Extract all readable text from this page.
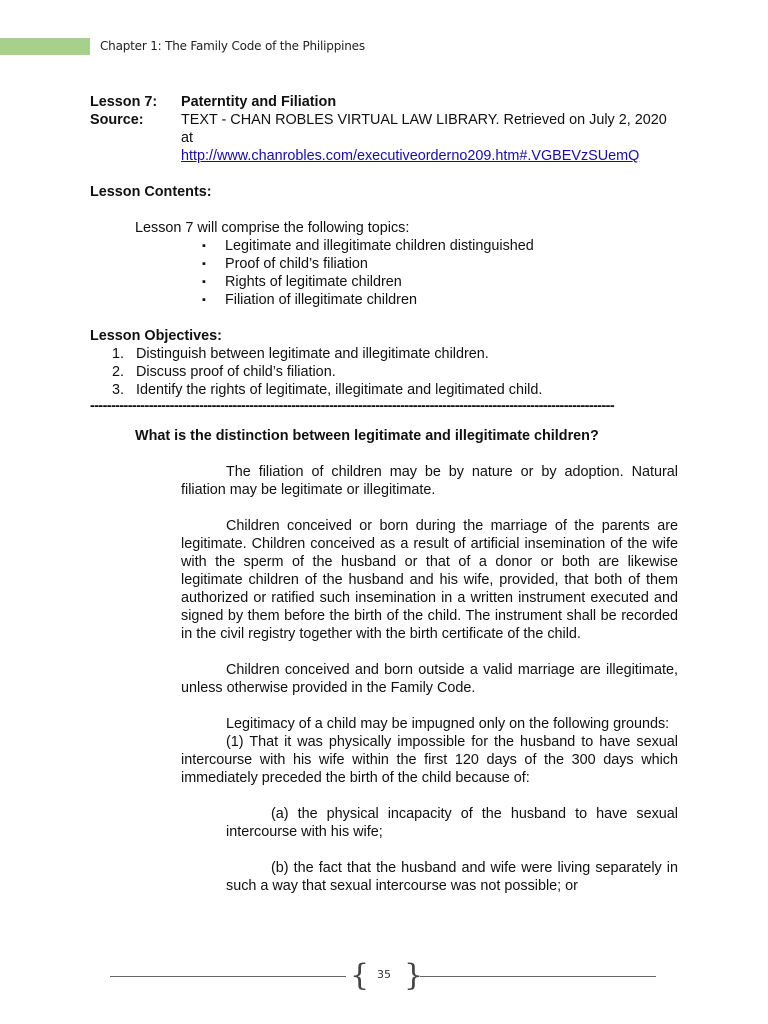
Chapter 1: The Family Code of the Philippines
Lesson 7:	Paterntity and Filiation
Source:	TEXT - CHAN ROBLES VIRTUAL LAW LIBRARY. Retrieved on July 2, 2020 at
http://www.chanrobles.com/executiveorderno209.htm#.VGBEVzSUemQ
Lesson Contents:
Lesson 7 will comprise the following topics:
▪ Legitimate and illegitimate children distinguished
▪ Proof of child’s filiation
▪ Rights of legitimate children
▪ Filiation of illegitimate children
Lesson Objectives:
1. Distinguish between legitimate and illegitimate children.
2. Discuss proof of child’s filiation.
3. Identify the rights of legitimate, illegitimate and legitimated child.
-----------------------------------------------------------------------------------------------------------------------------
What is the distinction between legitimate and illegitimate children?

The filiation of children may be by nature or by adoption. Natural filiation may be legitimate or illegitimate.

Children conceived or born during the marriage of the parents are legitimate. Children conceived as a result of artificial insemination of the wife with the sperm of the husband or that of a donor or both are likewise legitimate children of the husband and his wife, provided, that both of them authorized or ratified such insemination in a written instrument executed and signed by them before the birth of the child. The instrument shall be recorded in the civil registry together with the birth certificate of the child.

Children conceived and born outside a valid marriage are illegitimate, unless otherwise provided in the Family Code.

Legitimacy of a child may be impugned only on the following grounds:

(1) That it was physically impossible for the husband to have sexual intercourse with his wife within the first 120 days of the 300 days which immediately preceded the birth of the child because of:

(a) the physical incapacity of the husband to have sexual intercourse with his wife;

(b) the fact that the husband and wife were living separately in such a way that sexual intercourse was not possible; or

{ 35 }
